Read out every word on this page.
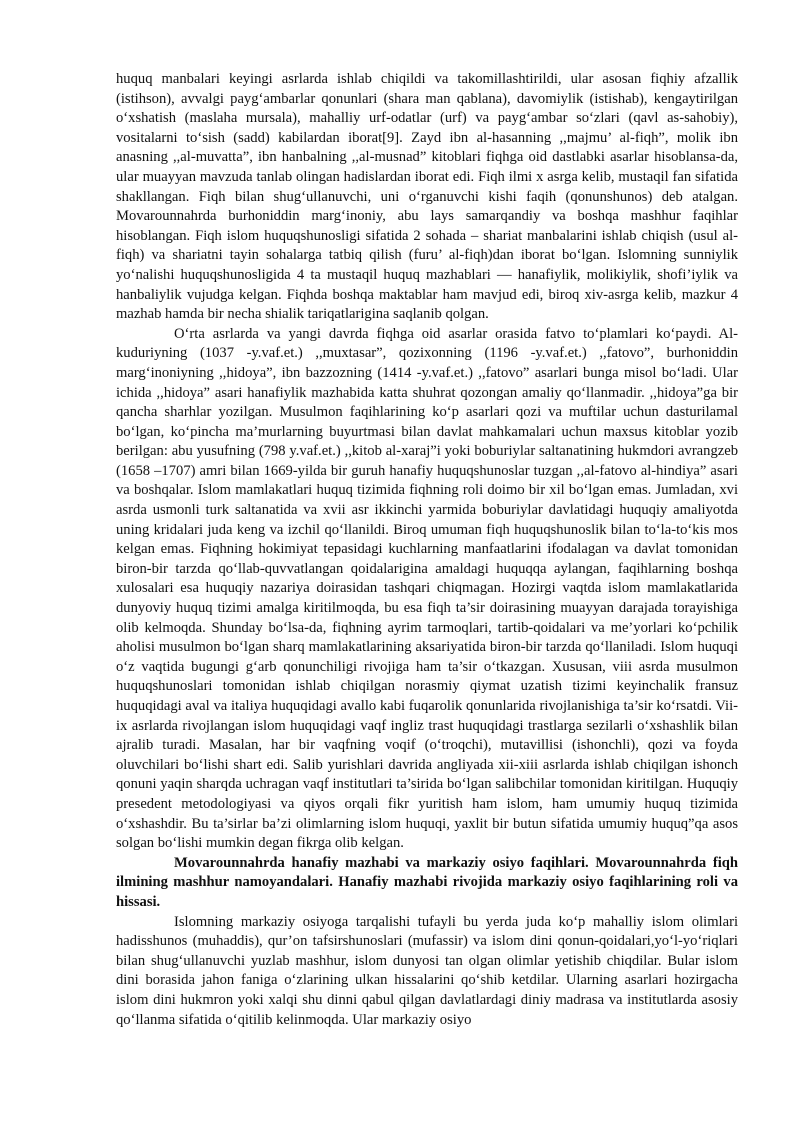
huquq manbalari keyingi asrlarda ishlab chiqildi va takomillashtirildi, ular asosan fiqhiy afzallik (istihson), avvalgi payg‘ambarlar qonunlari (shara man qablana), davomiylik (istishab), kengaytirilgan o‘xshatish (maslaha mursala), mahalliy urf-odatlar (urf) va payg‘ambar so‘zlari (qavl as-sahobiy), vositalarni to‘sish (sadd) kabilardan iborat[9]. Zayd ibn al-hasanning ,,majmu’ al-fiqh”, molik ibn anasning ,,al-muvatta”, ibn hanbalning ,,al-musnad” kitoblari fiqhga oid dastlabki asarlar hisoblansa-da, ular muayyan mavzuda tanlab olingan hadislardan iborat edi. Fiqh ilmi x asrga kelib, mustaqil fan sifatida shakllangan. Fiqh bilan shug‘ullanuvchi, uni o‘rganuvchi kishi faqih (qonunshunos) deb atalgan. Movarounnahrda burhoniddin marg‘inoniy, abu lays samarqandiy va boshqa mashhur faqihlar hisoblangan. Fiqh islom huquqshunosligi sifatida 2 sohada – shariat manbalarini ishlab chiqish (usul al-fiqh) va shariatni tayin sohalarga tatbiq qilish (furu’ al-fiqh)dan iborat bo‘lgan. Islomning sunniylik yo‘nalishi huquqshunosligida 4 ta mustaqil huquq mazhablari — hanafiylik, molikiylik, shofi’iylik va hanbaliylik vujudga kelgan. Fiqhda boshqa maktablar ham mavjud edi, biroq xiv-asrga kelib, mazkur 4 mazhab hamda bir necha shialik tariqatlarigina saqlanib qolgan.

O‘rta asrlarda va yangi davrda fiqhga oid asarlar orasida fatvo to‘plamlari ko‘paydi. Al-kuduriyning (1037 -y.vaf.et.) ,,muxtasar”, qozixonning (1196 -y.vaf.et.) ,,fatovo”, burhoniddin marg‘inoniyning ,,hidoya”, ibn bazzozning (1414 -y.vaf.et.) ,,fatovo” asarlari bunga misol bo‘ladi. Ular ichida ,,hidoya” asari hanafiylik mazhabida katta shuhrat qozongan amaliy qo‘llanmadir. ,,hidoya”ga bir qancha sharhlar yozilgan. Musulmon faqihlarining ko‘p asarlari qozi va muftilar uchun dasturilamal bo‘lgan, ko‘pincha ma’murlarning buyurtmasi bilan davlat mahkamalari uchun maxsus kitoblar yozib berilgan: abu yusufning (798 y.vaf.et.) ,,kitob al-xaraj”i yoki boburiylar saltanatining hukmdori avrangzeb (1658 –1707) amri bilan 1669-yilda bir guruh hanafiy huquqshunoslar tuzgan ,,al-fatovo al-hindiya” asari va boshqalar. Islom mamlakatlari huquq tizimida fiqhning roli doimo bir xil bo‘lgan emas. Jumladan, xvi asrda usmonli turk saltanatida va xvii asr ikkinchi yarmida boburiylar davlatidagi huquqiy amaliyotda uning kridalari juda keng va izchil qo‘llanildi. Biroq umuman fiqh huquqshunoslik bilan to‘la-to‘kis mos kelgan emas. Fiqhning hokimiyat tepasidagi kuchlarning manfaatlarini ifodalagan va davlat tomonidan biron-bir tarzda qo‘llab-quvvatlangan qoidalarigina amaldagi huquqqa aylangan, faqihlarning boshqa xulosalari esa huquqiy nazariya doirasidan tashqari chiqmagan. Hozirgi vaqtda islom mamlakatlarida dunyoviy huquq tizimi amalga kiritilmoqda, bu esa fiqh ta’sir doirasining muayyan darajada torayishiga olib kelmoqda. Shunday bo‘lsa-da, fiqhning ayrim tarmoqlari, tartib-qoidalari va me’yorlari ko‘pchilik aholisi musulmon bo‘lgan sharq mamlakatlarining aksariyatida biron-bir tarzda qo‘llaniladi. Islom huquqi o‘z vaqtida bugungi g‘arb qonunchiligi rivojiga ham ta’sir o‘tkazgan. Xususan, viii asrda musulmon huquqshunoslari tomonidan ishlab chiqilgan norasmiy qiymat uzatish tizimi keyinchalik fransuz huquqidagi aval va italiya huquqidagi avallo kabi fuqarolik qonunlarida rivojlanishiga ta’sir ko‘rsatdi. Vii-ix asrlarda rivojlangan islom huquqidagi vaqf ingliz trast huquqidagi trastlarga sezilarli o‘xshashlik bilan ajralib turadi. Masalan, har bir vaqfning voqif (o‘troqchi), mutavillisi (ishonchli), qozi va foyda oluvchilari bo‘lishi shart edi. Salib yurishlari davrida angliyada xii-xiii asrlarda ishlab chiqilgan ishonch qonuni yaqin sharqda uchragan vaqf institutlari ta’sirida bo‘lgan salibchilar tomonidan kiritilgan. Huquqiy presedent metodologiyasi va qiyos orqali fikr yuritish ham islom, ham umumiy huquq tizimida o‘xshashdir. Bu ta’sirlar ba’zi olimlarning islom huquqi, yaxlit bir butun sifatida umumiy huquq”qa asos solgan bo‘lishi mumkin degan fikrga olib kelgan.

Movarounnahrda hanafiy mazhabi va markaziy osiyo faqihlari. Movarounnahrda fiqh ilmining mashhur namoyandalari. Hanafiy mazhabi rivojida markaziy osiyo faqihlarining roli va hissasi.

Islomning markaziy osiyoga tarqalishi tufayli bu yerda juda ko‘p mahalliy islom olimlari hadisshunos (muhaddis), qur’on tafsirshunoslari (mufassir) va islom dini qonun-qoidalari,yo‘l-yo‘riqlari bilan shug‘ullanuvchi yuzlab mashhur, islom dunyosi tan olgan olimlar yetishib chiqdilar. Bular islom dini borasida jahon faniga o‘zlarining ulkan hissalarini qo‘shib ketdilar. Ularning asarlari hozirgacha islom dini hukmron yoki xalqi shu dinni qabul qilgan davlatlardagi diniy madrasa va institutlarda asosiy qo‘llanma sifatida o‘qitilib kelinmoqda. Ular markaziy osiyo
